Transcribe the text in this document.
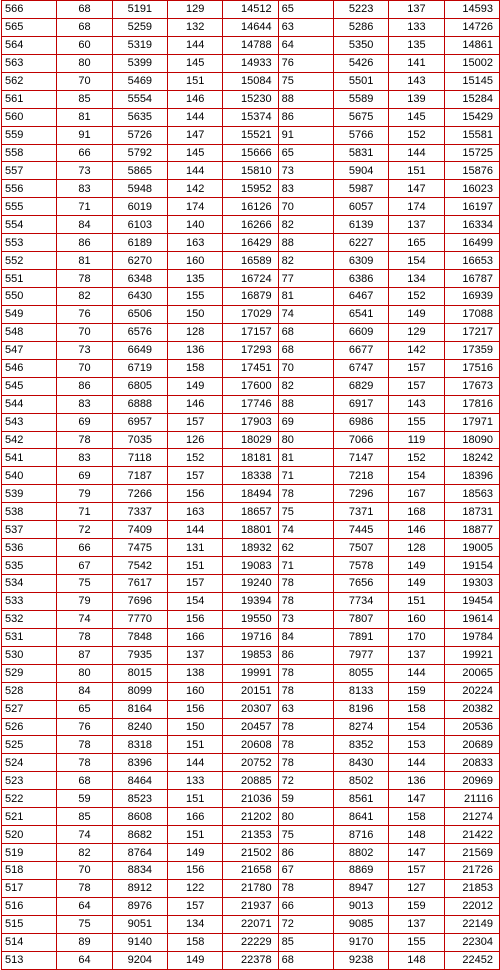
566	68	5191	129	14512	65	5223	137	14593
565	68	5259	132	14644	63	5286	133	14726
564	60	5319	144	14788	64	5350	135	14861
563	80	5399	145	14933	76	5426	141	15002
562	70	5469	151	15084	75	5501	143	15145
561	85	5554	146	15230	88	5589	139	15284
560	81	5635	144	15374	86	5675	145	15429
559	91	5726	147	15521	91	5766	152	15581
558	66	5792	145	15666	65	5831	144	15725
557	73	5865	144	15810	73	5904	151	15876
556	83	5948	142	15952	83	5987	147	16023
555	71	6019	174	16126	70	6057	174	16197
554	84	6103	140	16266	82	6139	137	16334
553	86	6189	163	16429	88	6227	165	16499
552	81	6270	160	16589	82	6309	154	16653
551	78	6348	135	16724	77	6386	134	16787
550	82	6430	155	16879	81	6467	152	16939
549	76	6506	150	17029	74	6541	149	17088
548	70	6576	128	17157	68	6609	129	17217
547	73	6649	136	17293	68	6677	142	17359
546	70	6719	158	17451	70	6747	157	17516
545	86	6805	149	17600	82	6829	157	17673
544	83	6888	146	17746	88	6917	143	17816
543	69	6957	157	17903	69	6986	155	17971
542	78	7035	126	18029	80	7066	119	18090
541	83	7118	152	18181	81	7147	152	18242
540	69	7187	157	18338	71	7218	154	18396
539	79	7266	156	18494	78	7296	167	18563
538	71	7337	163	18657	75	7371	168	18731
537	72	7409	144	18801	74	7445	146	18877
536	66	7475	131	18932	62	7507	128	19005
535	67	7542	151	19083	71	7578	149	19154
534	75	7617	157	19240	78	7656	149	19303
533	79	7696	154	19394	78	7734	151	19454
532	74	7770	156	19550	73	7807	160	19614
531	78	7848	166	19716	84	7891	170	19784
530	87	7935	137	19853	86	7977	137	19921
529	80	8015	138	19991	78	8055	144	20065
528	84	8099	160	20151	78	8133	159	20224
527	65	8164	156	20307	63	8196	158	20382
526	76	8240	150	20457	78	8274	154	20536
525	78	8318	151	20608	78	8352	153	20689
524	78	8396	144	20752	78	8430	144	20833
523	68	8464	133	20885	72	8502	136	20969
522	59	8523	151	21036	59	8561	147	21116
521	85	8608	166	21202	80	8641	158	21274
520	74	8682	151	21353	75	8716	148	21422
519	82	8764	149	21502	86	8802	147	21569
518	70	8834	156	21658	67	8869	157	21726
517	78	8912	122	21780	78	8947	127	21853
516	64	8976	157	21937	66	9013	159	22012
515	75	9051	134	22071	72	9085	137	22149
514	89	9140	158	22229	85	9170	155	22304
513	64	9204	149	22378	68	9238	148	22452
